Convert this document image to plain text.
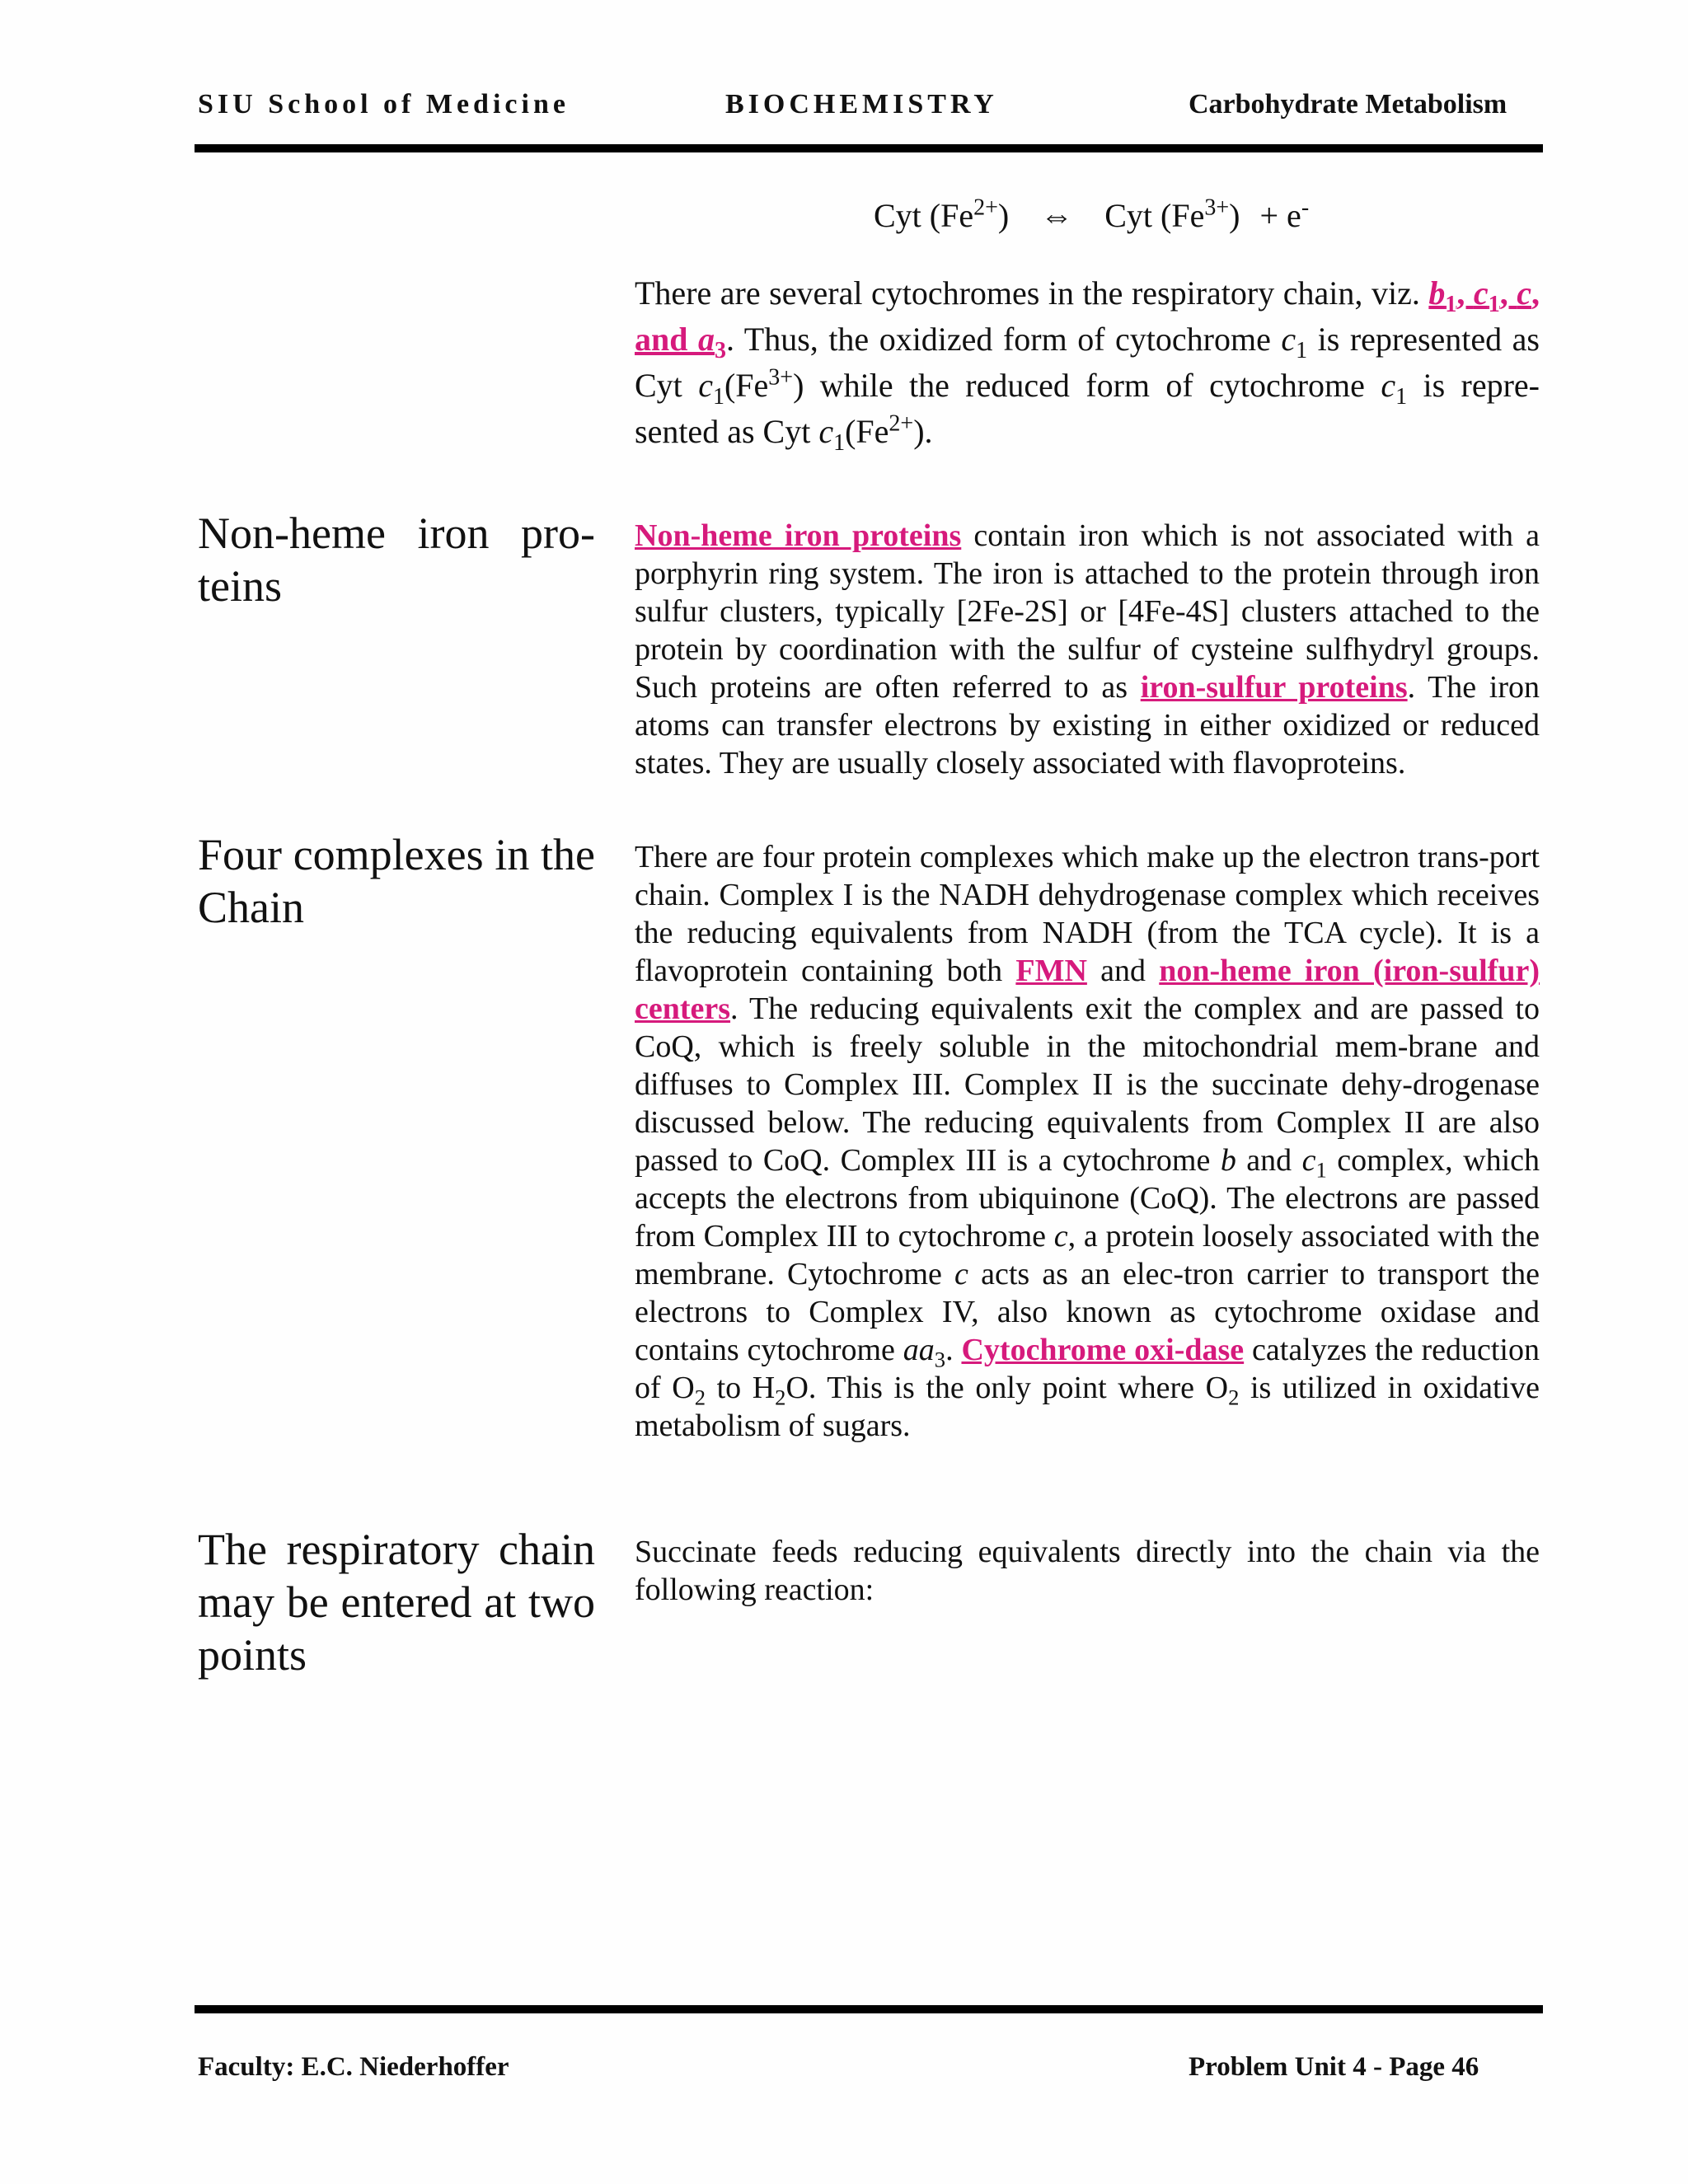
SIU School of Medicine	BIOCHEMISTRY	Carbohydrate Metabolism
Cyt $(Fe^{2+})$ ⇔ Cyt $(Fe^{3+}) + e^-$
There are several cytochromes in the respiratory chain, viz. $b_1$, $c_1$, c, and $a_3$. Thus, the oxidized form of cytochrome $c_1$ is represented as Cyt $c_1(Fe^{3+})$ while the reduced form of cytochrome $c_1$ is repre-sented as Cyt $c_1(Fe^{2+})$.
Non-heme iron pro-teins
Non-heme iron proteins contain iron which is not associated with a porphyrin ring system. The iron is attached to the protein through iron sulfur clusters, typically [2Fe-2S] or [4Fe-4S] clusters attached to the protein by coordination with the sulfur of cysteine sulfhydryl groups. Such proteins are often referred to as iron-sulfur proteins. The iron atoms can transfer electrons by existing in either oxidized or reduced states. They are usually closely associated with flavoproteins.
Four complexes in the Chain
There are four protein complexes which make up the electron trans-port chain. Complex I is the NADH dehydrogenase complex which receives the reducing equivalents from NADH (from the TCA cycle). It is a flavoprotein containing both FMN and non-heme iron (iron-sulfur) centers. The reducing equivalents exit the complex and are passed to CoQ, which is freely soluble in the mitochondrial mem-brane and diffuses to Complex III. Complex II is the succinate dehy-drogenase discussed below. The reducing equivalents from Complex II are also passed to CoQ. Complex III is a cytochrome b and $c_1$ complex, which accepts the electrons from ubiquinone (CoQ). The electrons are passed from Complex III to cytochrome c, a protein loosely associated with the membrane. Cytochrome c acts as an elec-tron carrier to transport the electrons to Complex IV, also known as cytochrome oxidase and contains cytochrome $aa_3$. Cytochrome oxi-dase catalyzes the reduction of $O_2$ to $H_2O$. This is the only point where $O_2$ is utilized in oxidative metabolism of sugars.
The respiratory chain may be entered at two points
Succinate feeds reducing equivalents directly into the chain via the following reaction:
Faculty: E.C. Niederhoffer	Problem Unit 4 - Page 46
